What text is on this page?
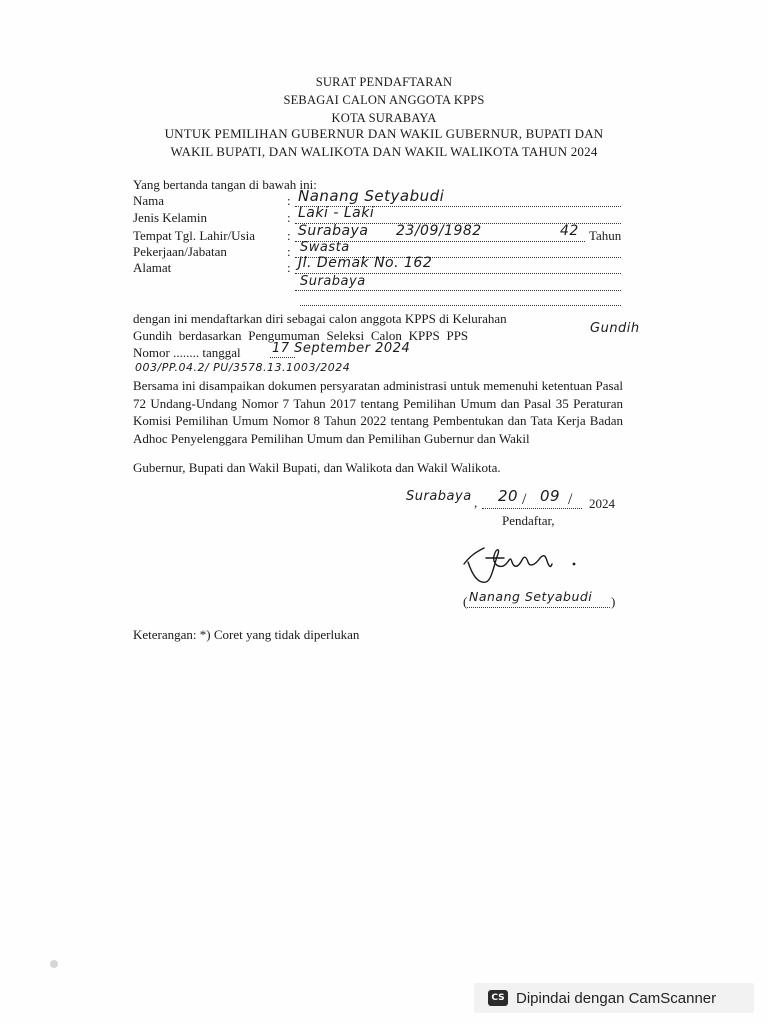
SURAT PENDAFTARAN
SEBAGAI CALON ANGGOTA KPPS
KOTA SURABAYA
UNTUK PEMILIHAN GUBERNUR DAN WAKIL GUBERNUR, BUPATI DAN
WAKIL BUPATI, DAN WALIKOTA DAN WAKIL WALIKOTA TAHUN 2024
Yang bertanda tangan di bawah ini:
Nama	: Nanang Setyabudi
Jenis Kelamin	: Laki - Laki
Tempat Tgl. Lahir/Usia : Surabaya 23/09/1982	42 Tahun
Pekerjaan/Jabatan	: Swasta
Alamat	: Jl. Demak No. 162
Surabaya
dengan ini mendaftarkan diri sebagai calon anggota KPPS di Kelurahan
Gundih berdasarkan Pengumuman Seleksi Calon KPPS PPS	Gundih
Nomor ........ tanggal 17 September 2024
003/PP.04.2/ PU/3578.13.1003/2024
Bersama ini disampaikan dokumen persyaratan administrasi untuk memenuhi ketentuan Pasal 72 Undang-Undang Nomor 7 Tahun 2017 tentang Pemilihan Umum dan Pasal 35 Peraturan Komisi Pemilihan Umum Nomor 8 Tahun 2022 tentang Pembentukan dan Tata Kerja Badan Adhoc Penyelenggara Pemilihan Umum dan Pemilihan Gubernur dan Wakil
Gubernur, Bupati dan Wakil Bupati, dan Walikota dan Wakil Walikota.
Surabaya , 20 / 09 / 2024
Pendaftar,
( Nanang Setyabudi )
Keterangan: *) Coret yang tidak diperlukan
CS Dipindai dengan CamScanner
